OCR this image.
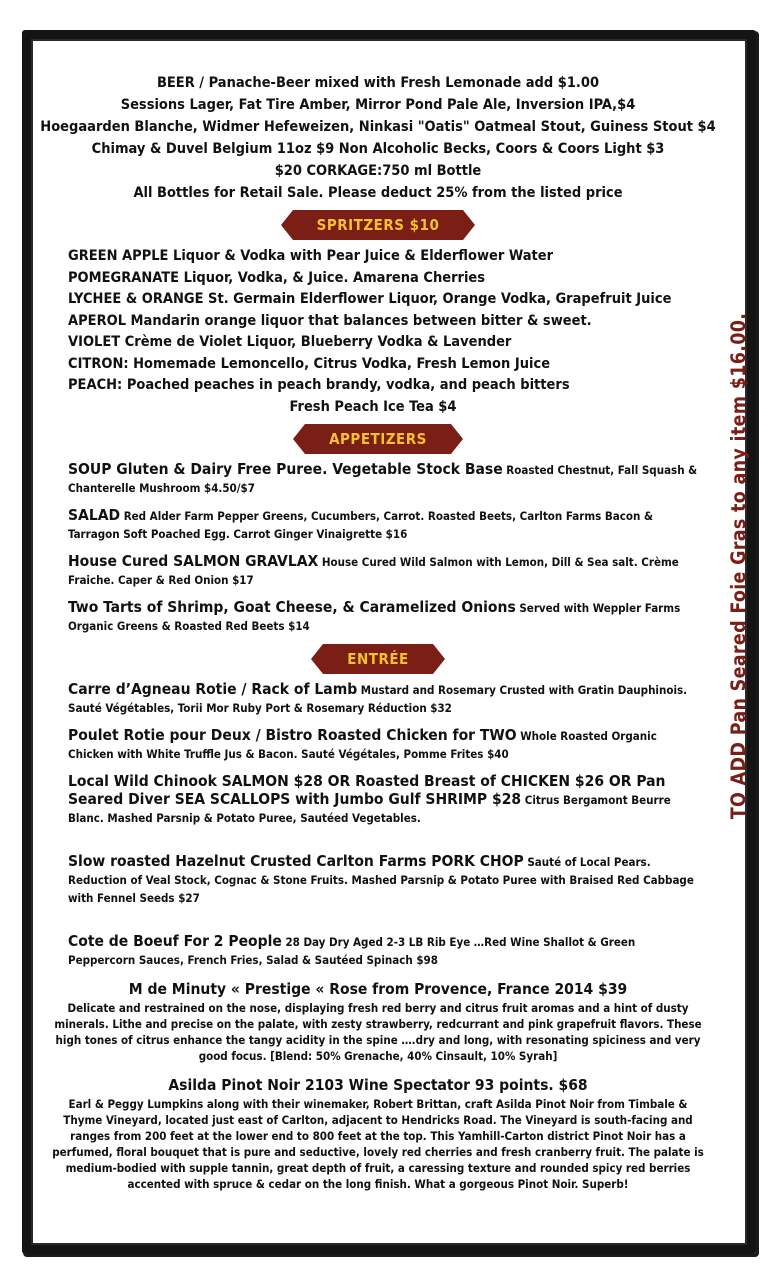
BEER / Panache-Beer mixed with Fresh Lemonade add $1.00
Sessions Lager, Fat Tire Amber, Mirror Pond Pale Ale, Inversion IPA,$4
Hoegaarden Blanche, Widmer Hefeweizen, Ninkasi "Oatis" Oatmeal Stout, Guiness Stout $4
Chimay & Duvel Belgium 11oz $9 Non Alcoholic Becks, Coors & Coors Light $3
$20 CORKAGE:750 ml Bottle
All Bottles for Retail Sale. Please deduct 25% from the listed price
SPRITZERS $10
GREEN APPLE Liquor & Vodka with Pear Juice & Elderflower Water
POMEGRANATE Liquor, Vodka, & Juice. Amarena Cherries
LYCHEE & ORANGE St. Germain Elderflower Liquor, Orange Vodka, Grapefruit Juice
APEROL Mandarin orange liquor that balances between bitter & sweet.
VIOLET Crème de Violet Liquor, Blueberry Vodka & Lavender
CITRON: Homemade Lemoncello, Citrus Vodka, Fresh Lemon Juice
PEACH: Poached peaches in peach brandy, vodka, and peach bitters
Fresh Peach Ice Tea $4
APPETIZERS
SOUP Gluten & Dairy Free Puree. Vegetable Stock Base Roasted Chestnut, Fall Squash & Chanterelle Mushroom $4.50/$7
SALAD Red Alder Farm Pepper Greens, Cucumbers, Carrot. Roasted Beets, Carlton Farms Bacon & Tarragon Soft Poached Egg. Carrot Ginger Vinaigrette $16
House Cured SALMON GRAVLAX House Cured Wild Salmon with Lemon, Dill & Sea salt. Crème Fraiche. Caper & Red Onion $17
Two Tarts of Shrimp, Goat Cheese, & Caramelized Onions Served with Weppler Farms Organic Greens & Roasted Red Beets $14
ENTRÉE
Carre d’Agneau Rotie / Rack of Lamb Mustard and Rosemary Crusted with Gratin Dauphinois. Sauté Végétables, Torii Mor Ruby Port & Rosemary Réduction $32
Poulet Rotie pour Deux / Bistro Roasted Chicken for TWO Whole Roasted Organic Chicken with White Truffle Jus & Bacon. Sauté Végétales, Pomme Frites $40
Local Wild Chinook SALMON $28 OR Roasted Breast of CHICKEN $26 OR Pan Seared Diver SEA SCALLOPS with Jumbo Gulf SHRIMP $28 Citrus Bergamont Beurre Blanc. Mashed Parsnip & Potato Puree, Sautéed Vegetables.
Slow roasted Hazelnut Crusted Carlton Farms PORK CHOP Sauté of Local Pears. Reduction of Veal Stock, Cognac & Stone Fruits. Mashed Parsnip & Potato Puree with Braised Red Cabbage with Fennel Seeds $27
Cote de Boeuf For 2 People 28 Day Dry Aged 2-3 LB Rib Eye …Red Wine Shallot & Green Peppercorn Sauces, French Fries, Salad & Sautéed Spinach $98
M de Minuty « Prestige « Rose from Provence, France 2014 $39
Delicate and restrained on the nose, displaying fresh red berry and citrus fruit aromas and a hint of dusty minerals. Lithe and precise on the palate, with zesty strawberry, redcurrant and pink grapefruit flavors. These high tones of citrus enhance the tangy acidity in the spine ….dry and long, with resonating spiciness and very good focus. [Blend: 50% Grenache, 40% Cinsault, 10% Syrah]
Asilda Pinot Noir 2103 Wine Spectator 93 points. $68
Earl & Peggy Lumpkins along with their winemaker, Robert Brittan, craft Asilda Pinot Noir from Timbale & Thyme Vineyard, located just east of Carlton, adjacent to Hendricks Road. The Vineyard is south-facing and ranges from 200 feet at the lower end to 800 feet at the top. This Yamhill-Carton district Pinot Noir has a perfumed, floral bouquet that is pure and seductive, lovely red cherries and fresh cranberry fruit. The palate is medium-bodied with supple tannin, great depth of fruit, a caressing texture and rounded spicy red berries accented with spruce & cedar on the long finish. What a gorgeous Pinot Noir. Superb!
TO ADD Pan Seared Foie Gras to any item $16.00.
